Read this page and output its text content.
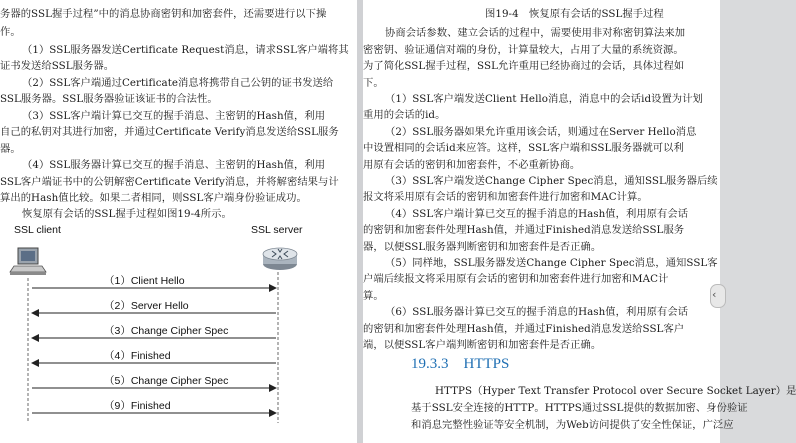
务器的SSL握手过程”中的消息协商密钥和加密套件，还需要进行以下操
作。
（1）SSL服务器发送Certificate Request消息，请求SSL客户端将其
证书发送给SSL服务器。
（2）SSL客户端通过Certificate消息将携带自己公钥的证书发送给
SSL服务器。SSL服务器验证该证书的合法性。
（3）SSL客户端计算已交互的握手消息、主密钥的Hash值，利用
自己的私钥对其进行加密，并通过Certificate Verify消息发送给SSL服务
器。
（4）SSL服务器计算已交互的握手消息、主密钥的Hash值，利用
SSL客户端证书中的公钥解密Certificate Verify消息，并将解密结果与计
算出的Hash值比较。如果二者相同，则SSL客户端身份验证成功。
恢复原有会话的SSL握手过程如图19-4所示。
SSL client	SSL server
（1）Client Hello
（2）Server Hello
（3）Change Cipher Spec
（4）Finished
（5）Change Cipher Spec
（9）Finished
图19-4　恢复原有会话的SSL握手过程
协商会话参数、建立会话的过程中，需要使用非对称密钥算法来加
密密钥、验证通信对端的身份，计算量较大，占用了大量的系统资源。
为了简化SSL握手过程，SSL允许重用已经协商过的会话，具体过程如
下。
（1）SSL客户端发送Client Hello消息，消息中的会话id设置为计划
重用的会话的id。
（2）SSL服务器如果允许重用该会话，则通过在Server Hello消息
中设置相同的会话id来应答。这样，SSL客户端和SSL服务器就可以利
用原有会话的密钥和加密套件，不必重新协商。
（3）SSL客户端发送Change Cipher Spec消息，通知SSL服务器后续
报文将采用原有会话的密钥和加密套件进行加密和MAC计算。
（4）SSL客户端计算已交互的握手消息的Hash值，利用原有会话
的密钥和加密套件处理Hash值，并通过Finished消息发送给SSL服务
器，以便SSL服务器判断密钥和加密套件是否正确。
（5）同样地，SSL服务器发送Change Cipher Spec消息，通知SSL客
户端后续报文将采用原有会话的密钥和加密套件进行加密和MAC计
算。
（6）SSL服务器计算已交互的握手消息的Hash值，利用原有会话
的密钥和加密套件处理Hash值，并通过Finished消息发送给SSL客户
端，以便SSL客户端判断密钥和加密套件是否正确。
19.3.3　HTTPS
HTTPS（Hyper Text Transfer Protocol over Secure Socket Layer）是
基于SSL安全连接的HTTP。HTTPS通过SSL提供的数据加密、身份验证
和消息完整性验证等安全机制，为Web访问提供了安全性保证，广泛应
‹
